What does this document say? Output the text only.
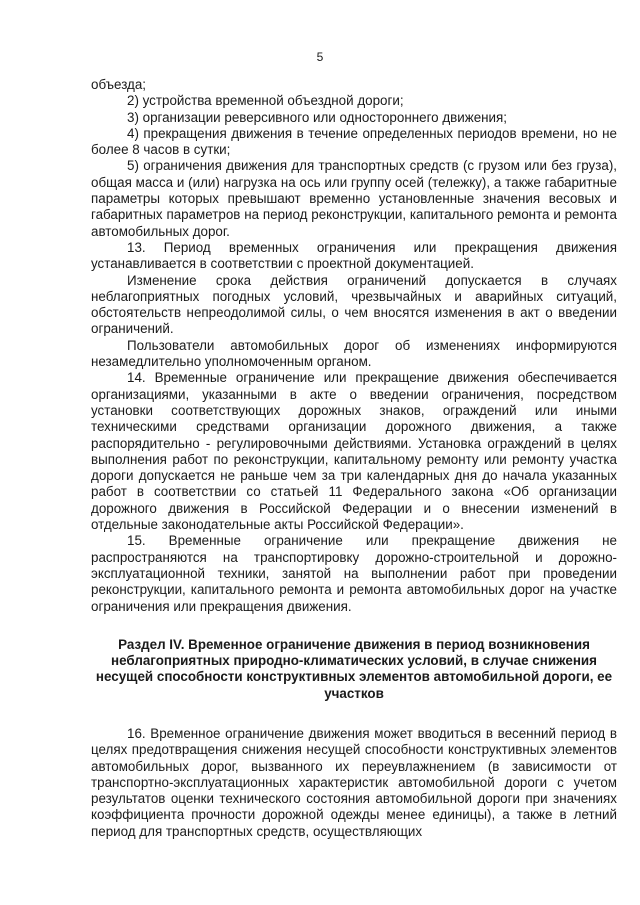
5

объезда;

2) устройства временной объездной дороги;

3) организации реверсивного или одностороннего движения;

4) прекращения движения в течение определенных периодов времени, но не более 8 часов в сутки;

5) ограничения движения для транспортных средств (с грузом или без груза), общая масса и (или) нагрузка на ось или группу осей (тележку), а также габаритные параметры которых превышают временно установленные значения весовых и габаритных параметров на период реконструкции, капитального ремонта и ремонта автомобильных дорог.

13. Период временных ограничения или прекращения движения устанавливается в соответствии с проектной документацией.

Изменение срока действия ограничений допускается в случаях неблагоприятных погодных условий, чрезвычайных и аварийных ситуаций, обстоятельств непреодолимой силы, о чем вносятся изменения в акт о введении ограничений.

Пользователи автомобильных дорог об изменениях информируются незамедлительно уполномоченным органом.

14. Временные ограничение или прекращение движения обеспечивается организациями, указанными в акте о введении ограничения, посредством установки соответствующих дорожных знаков, ограждений или иными техническими средствами организации дорожного движения, а также распорядительно - регулировочными действиями. Установка ограждений в целях выполнения работ по реконструкции, капитальному ремонту или ремонту участка дороги допускается не раньше чем за три календарных дня до начала указанных работ в соответствии со статьей 11 Федерального закона «Об организации дорожного движения в Российской Федерации и о внесении изменений в отдельные законодательные акты Российской Федерации».

15. Временные ограничение или прекращение движения не распространяются на транспортировку дорожно-строительной и дорожно-эксплуатационной техники, занятой на выполнении работ при проведении реконструкции, капитального ремонта и ремонта автомобильных дорог на участке ограничения или прекращения движения.

Раздел IV. Временное ограничение движения в период возникновения неблагоприятных природно-климатических условий, в случае снижения несущей способности конструктивных элементов автомобильной дороги, ее участков

16. Временное ограничение движения может вводиться в весенний период в целях предотвращения снижения несущей способности конструктивных элементов автомобильных дорог, вызванного их переувлажнением (в зависимости от транспортно-эксплуатационных характеристик автомобильной дороги с учетом результатов оценки технического состояния автомобильной дороги при значениях коэффициента прочности дорожной одежды менее единицы), а также в летний период для транспортных средств, осуществляющих
